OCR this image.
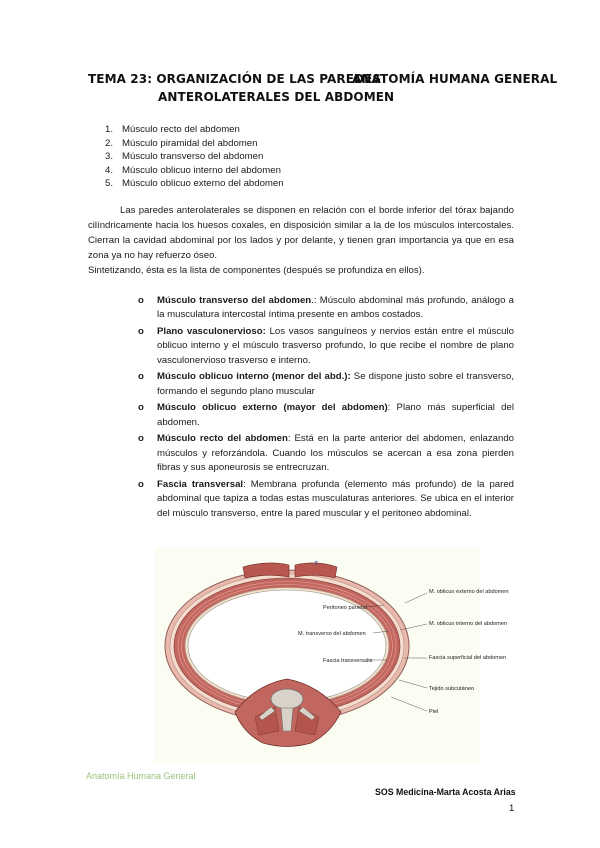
TEMA 23: ORGANIZACIÓN DE LAS PAREDES
ANATOMÍA HUMANA GENERAL
ANTEROLATERALES DEL ABDOMEN
1. Músculo recto del abdomen
2. Músculo piramidal del abdomen
3. Músculo transverso del abdomen
4. Músculo oblicuo interno del abdomen
5. Músculo oblicuo externo del abdomen

Las paredes anterolaterales se disponen en relación con el borde inferior del tórax bajando cilíndricamente hacia los huesos coxales, en disposición similar a la de los músculos intercostales. Cierran la cavidad abdominal por los lados y por delante, y tienen gran importancia ya que en esa zona ya no hay refuerzo óseo.

Sintetizando, ésta es la lista de componentes (después se profundiza en ellos).

o Músculo transverso del abdomen.: Músculo abdominal más profundo, análogo a la musculatura intercostal íntima presente en ambos costados.
o Plano vasculonervioso: Los vasos sanguíneos y nervios están entre el músculo oblicuo interno y el músculo trasverso profundo, lo que recibe el nombre de plano vasculonervioso trasverso e interno.
o Músculo oblicuo interno (menor del abd.): Se dispone justo sobre el transverso, formando el segundo plano muscular
o Músculo oblicuo externo (mayor del abdomen): Plano más superficial del abdomen.
o Músculo recto del abdomen: Está en la parte anterior del abdomen, enlazando músculos y reforzándola. Cuando los músculos se acercan a esa zona pierden fibras y sus aponeurosis se entrecruzan.
o Fascia transversal: Membrana profunda (elemento más profundo) de la pared abdominal que tapiza a todas estas musculaturas anteriores. Se ubica en el interior del músculo transverso, entre la pared muscular y el peritoneo abdominal.
r
Peritoneo parietal
M. transverso del abdomen
Fascia transversalis
M. oblicuo externo del abdomen
M. oblicuo interno del abdomen
Fascia superficial del abdomen
Tejido subcutáneo
Piel
Anatomía Humana General
SOS Medicina-Marta Acosta Arias
1
